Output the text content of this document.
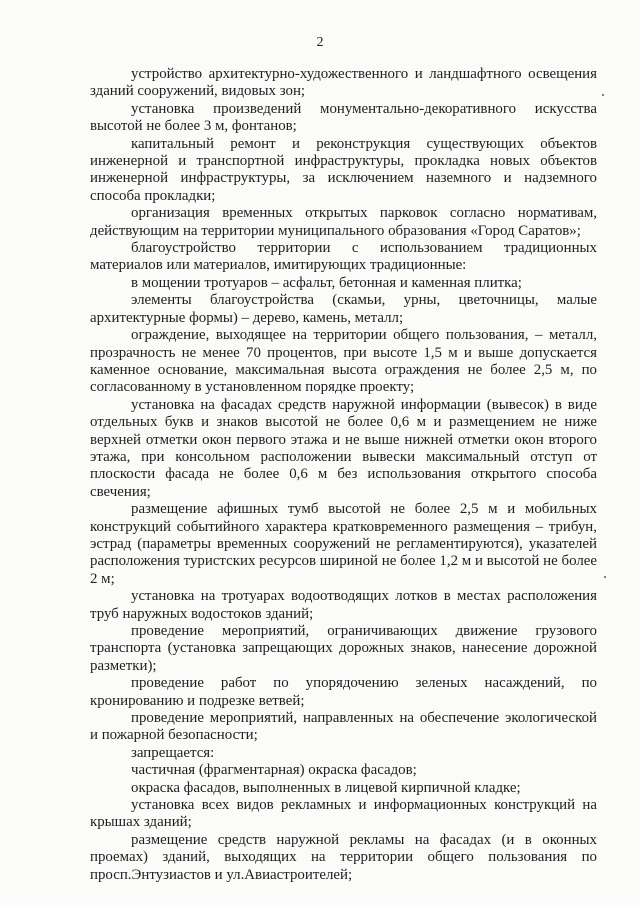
2

устройство архитектурно-художественного и ландшафтного освещения зданий сооружений, видовых зон;

установка произведений монументально-декоративного искусства высотой не более 3 м, фонтанов;

капитальный ремонт и реконструкция существующих объектов инженерной и транспортной инфраструктуры, прокладка новых объектов инженерной инфраструктуры, за исключением наземного и надземного способа прокладки;

организация временных открытых парковок согласно нормативам, действующим на территории муниципального образования «Город Саратов»;

благоустройство территории с использованием традиционных материалов или материалов, имитирующих традиционные:

в мощении тротуаров – асфальт, бетонная и каменная плитка;

элементы благоустройства (скамьи, урны, цветочницы, малые архитектурные формы) – дерево, камень, металл;

ограждение, выходящее на территории общего пользования, – металл, прозрачность не менее 70 процентов, при высоте 1,5 м и выше допускается каменное основание, максимальная высота ограждения не более 2,5 м, по согласованному в установленном порядке проекту;

установка на фасадах средств наружной информации (вывесок) в виде отдельных букв и знаков высотой не более 0,6 м и размещением не ниже верхней отметки окон первого этажа и не выше нижней отметки окон второго этажа, при консольном расположении вывески максимальный отступ от плоскости фасада не более 0,6 м без использования открытого способа свечения;

размещение афишных тумб высотой не более 2,5 м и мобильных конструкций событийного характера кратковременного размещения – трибун, эстрад (параметры временных сооружений не регламентируются), указателей расположения туристских ресурсов шириной не более 1,2 м и высотой не более 2 м;

установка на тротуарах водоотводящих лотков в местах расположения труб наружных водостоков зданий;

проведение мероприятий, ограничивающих движение грузового транспорта (установка запрещающих дорожных знаков, нанесение дорожной разметки);

проведение работ по упорядочению зеленых насаждений, по кронированию и подрезке ветвей;

проведение мероприятий, направленных на обеспечение экологической и пожарной безопасности;

запрещается:

частичная (фрагментарная) окраска фасадов;

окраска фасадов, выполненных в лицевой кирпичной кладке;

установка всех видов рекламных и информационных конструкций на крышах зданий;

размещение средств наружной рекламы на фасадах (и в оконных проемах) зданий, выходящих на территории общего пользования по просп.Энтузиастов и ул.Авиастроителей;
